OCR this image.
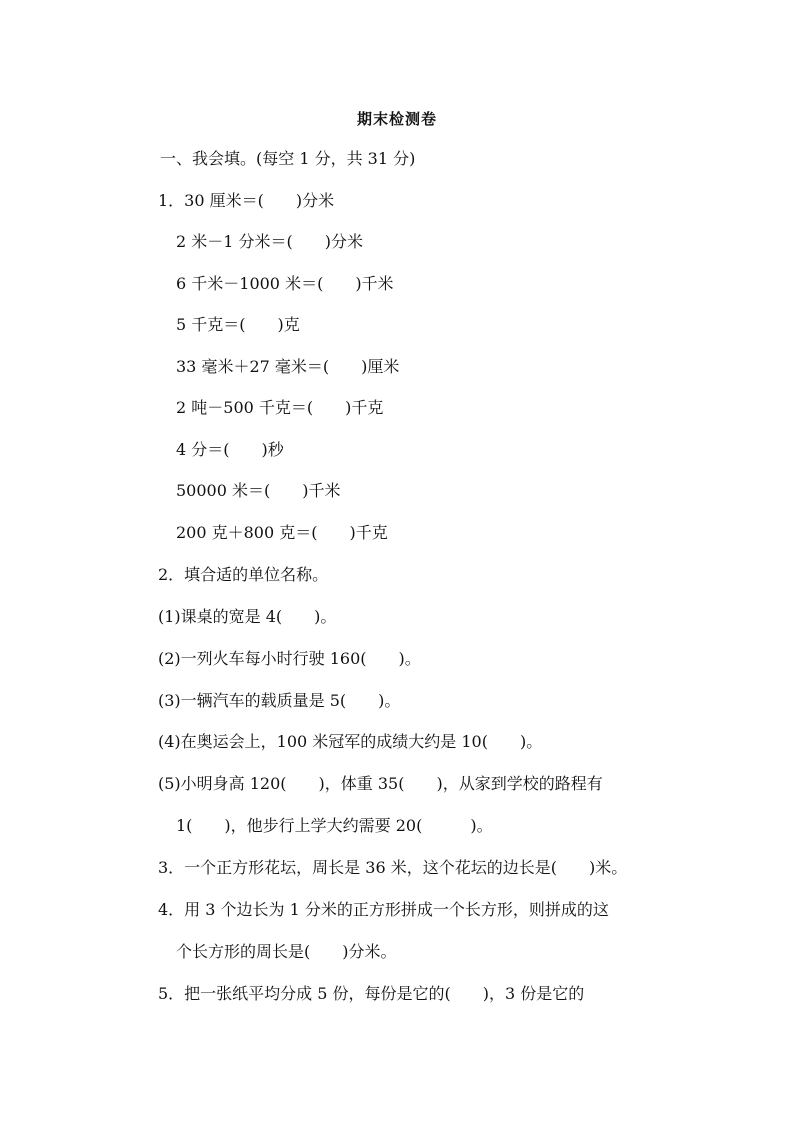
期末检测卷
一、我会填。(每空 1 分，共 31 分)
1．30 厘米＝(　　)分米
2 米－1 分米＝(　　)分米
6 千米－1000 米＝(　　)千米
5 千克＝(　　)克
33 毫米＋27 毫米＝(　　)厘米
2 吨－500 千克＝(　　)千克
4 分＝(　　)秒
50000 米＝(　　)千米
200 克＋800 克＝(　　)千克
2．填合适的单位名称。
(1)课桌的宽是 4(　　)。
(2)一列火车每小时行驶 160(　　)。
(3)一辆汽车的载质量是 5(　　)。
(4)在奥运会上，100 米冠军的成绩大约是 10(　　)。
(5)小明身高 120(　　)，体重 35(　　)，从家到学校的路程有
1(　　)，他步行上学大约需要 20(　　　)。
3．一个正方形花坛，周长是 36 米，这个花坛的边长是(　　)米。
4．用 3 个边长为 1 分米的正方形拼成一个长方形，则拼成的这
个长方形的周长是(　　)分米。
5．把一张纸平均分成 5 份，每份是它的(　　)，3 份是它的
